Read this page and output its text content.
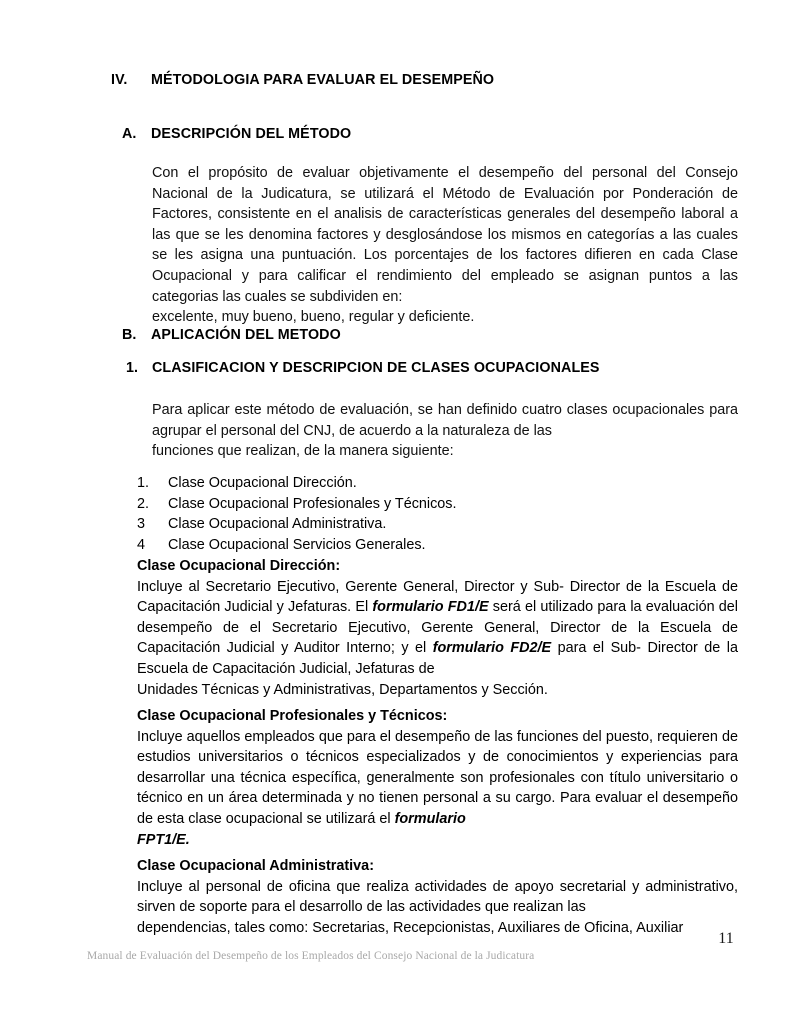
IV.	MÉTODOLOGIA PARA EVALUAR EL DESEMPEÑO
A.	DESCRIPCIÓN DEL MÉTODO
Con el propósito de evaluar objetivamente el desempeño del personal del Consejo Nacional de la Judicatura, se utilizará el Método de Evaluación por Ponderación de Factores, consistente en el analisis de características generales del desempeño laboral a las que se les denomina factores y desglosándose los mismos en categorías a las cuales se les asigna una puntuación. Los porcentajes de los factores difieren en cada Clase Ocupacional y para calificar el rendimiento del empleado se asignan puntos a las categorias las cuales se subdividen en:
excelente, muy bueno, bueno, regular y deficiente.
B.	APLICACIÓN DEL METODO
1. CLASIFICACION Y DESCRIPCION DE CLASES OCUPACIONALES
Para aplicar este método de evaluación, se han definido cuatro clases ocupacionales para agrupar el personal del CNJ, de acuerdo a la naturaleza de las
funciones que realizan, de la manera siguiente:
1.	Clase Ocupacional Dirección.
2.	Clase Ocupacional Profesionales y Técnicos.
3	Clase Ocupacional Administrativa.
4	Clase Ocupacional Servicios Generales.
Clase Ocupacional Dirección:
Incluye al Secretario Ejecutivo, Gerente General, Director y Sub- Director de la Escuela de Capacitación Judicial y Jefaturas. El formulario FD1/E será el utilizado para la evaluación del desempeño de el Secretario Ejecutivo, Gerente General, Director de la Escuela de Capacitación Judicial y Auditor Interno; y el formulario FD2/E para el Sub- Director de la Escuela de Capacitación Judicial, Jefaturas de
Unidades Técnicas y Administrativas, Departamentos y Sección.
Clase Ocupacional Profesionales y Técnicos:
Incluye aquellos empleados que para el desempeño de las funciones del puesto, requieren de estudios universitarios o técnicos especializados y de conocimientos y experiencias para desarrollar una técnica específica, generalmente son profesionales con título universitario o técnico en un área determinada y no tienen personal a su cargo. Para evaluar el desempeño de esta clase ocupacional se utilizará el formulario
FPT1/E.
Clase Ocupacional Administrativa:
Incluye al personal de oficina que realiza actividades de apoyo secretarial y administrativo, sirven de soporte para el desarrollo de las actividades que realizan las
dependencias, tales como: Secretarias, Recepcionistas, Auxiliares de Oficina, Auxiliar
11
Manual de Evaluación del Desempeño de los Empleados del Consejo Nacional de la Judicatura
